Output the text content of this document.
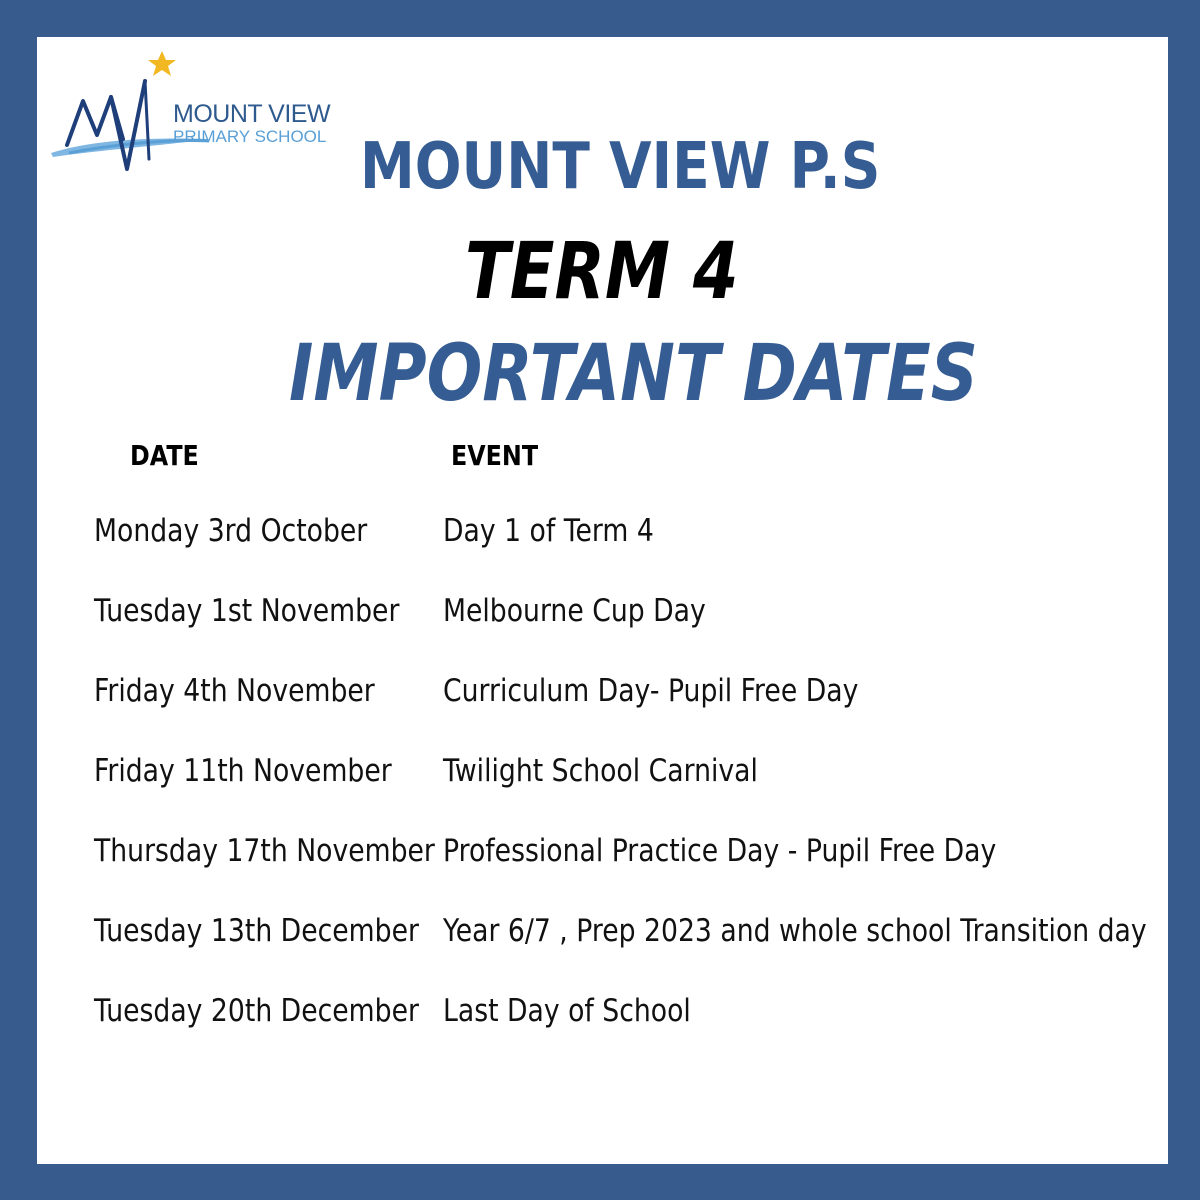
MOUNT VIEW
PRIMARY SCHOOL MOUNT VIEW P.S
TERM 4
IMPORTANT DATES
DATE	EVENT
Monday 3rd October Day 1 of Term 4
Tuesday 1st November Melbourne Cup Day
Friday 4th November Curriculum Day- Pupil Free Day
Friday 11th November Twilight School Carnival
Thursday 17th November Professional Practice Day - Pupil Free Day
Tuesday 13th December Year 6/7 , Prep 2023 and whole school Transition day
Tuesday 20th December Last Day of School
